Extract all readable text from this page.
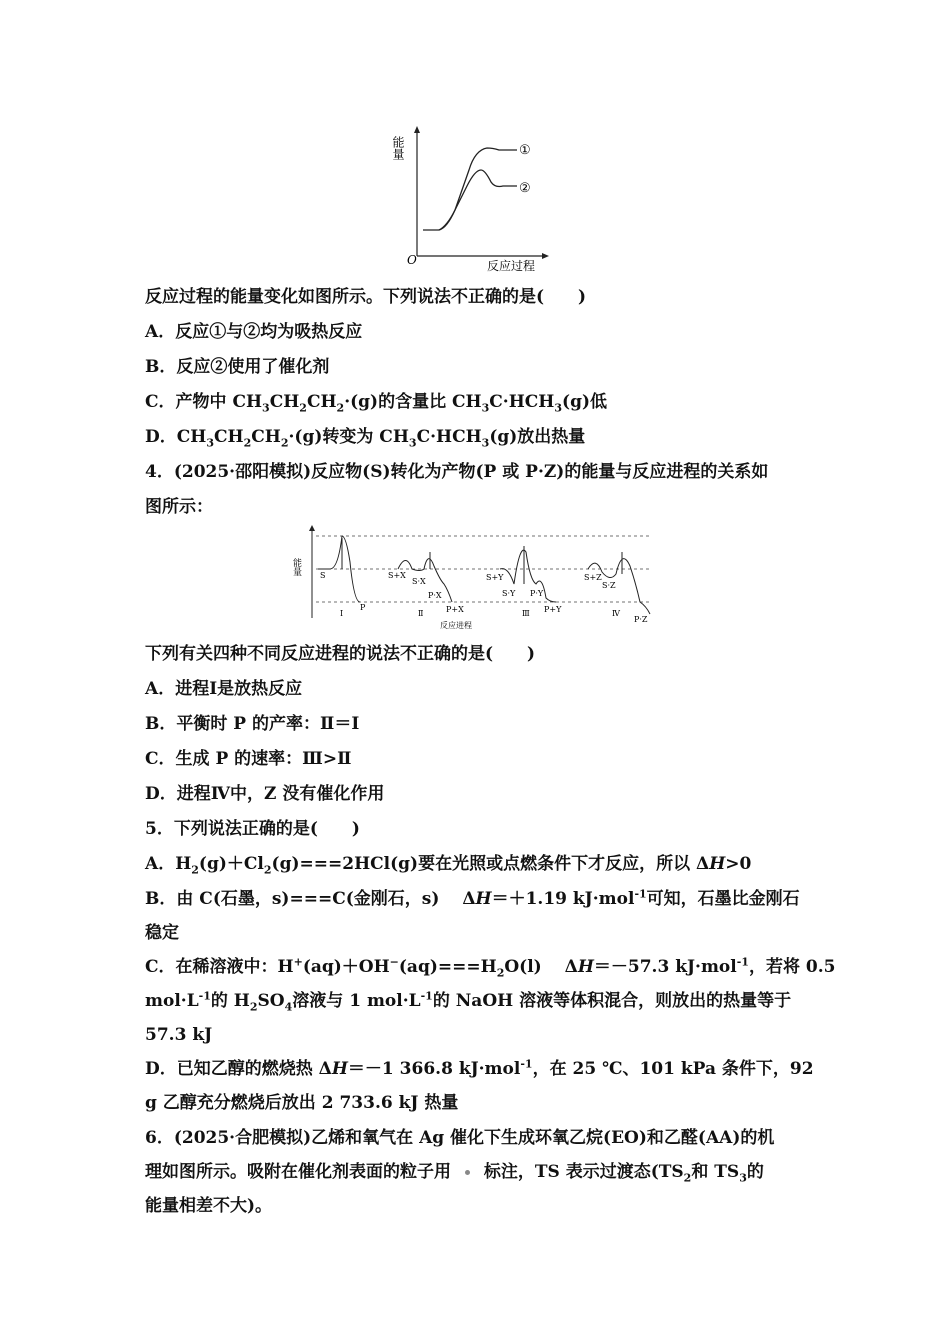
能量
O	反应过程
①
②
反应过程的能量变化如图所示。下列说法不正确的是(　　)
A．反应①与②均为吸热反应
B．反应②使用了催化剂
C．产物中 $CH_3CH_2CH_2\cdot(g)$的含量比 $CH_3C\cdot HCH_3(g)$低
D．$CH_3CH_2CH_2\cdot(g)$转变为 $CH_3C\cdot HCH_3(g)$放出热量
4．(2025·邵阳模拟)反应物(S)转化为产物(P 或 P·Z)的能量与反应进程的关系如
图所示：
能量 S
P
Ⅰ
S+X
S·X
P·X
P+X
Ⅱ
S+Y
S·Y P·Y
P+Y
Ⅲ
S+Z
S·Z
Ⅳ
P·Z
反应进程
下列有关四种不同反应进程的说法不正确的是(　　)
A．进程Ⅰ是放热反应
B．平衡时 P 的产率：Ⅱ＝Ⅰ
C．生成 P 的速率：Ⅲ>Ⅱ
D．进程Ⅳ中，Z 没有催化作用
5．下列说法正确的是(　　)
A．$H_2(g)+Cl_2(g)===2HCl(g)$要在光照或点燃条件下才反应，所以 ΔH>0
B．由 C(石墨，s)===C(金刚石，s)　 ΔH＝＋1.19 kJ·mol$^{-1}$可知，石墨比金刚石
稳定
C．在稀溶液中：$H^+(aq)+OH^-(aq)===H_2O(l)$　 ΔH＝－57.3 kJ·mol$^{-1}$，若将 0.5
$mol\cdot L^{-1}$的 $H_2SO_4$溶液与 1 $mol\cdot L^{-1}$的 NaOH 溶液等体积混合，则放出的热量等于
57.3 kJ
D．已知乙醇的燃烧热 ΔH＝－1 366.8 kJ·mol$^{-1}$，在 25 ℃、101 kPa 条件下，92
g 乙醇充分燃烧后放出 2 733.6 kJ 热量
6．(2025·合肥模拟)乙烯和氧气在 Ag 催化下生成环氧乙烷(EO)和乙醛(AA)的机
理如图所示。吸附在催化剂表面的粒子用 标注，TS 表示过渡态($TS_2$和 $TS_3$的
能量相差不大)。
